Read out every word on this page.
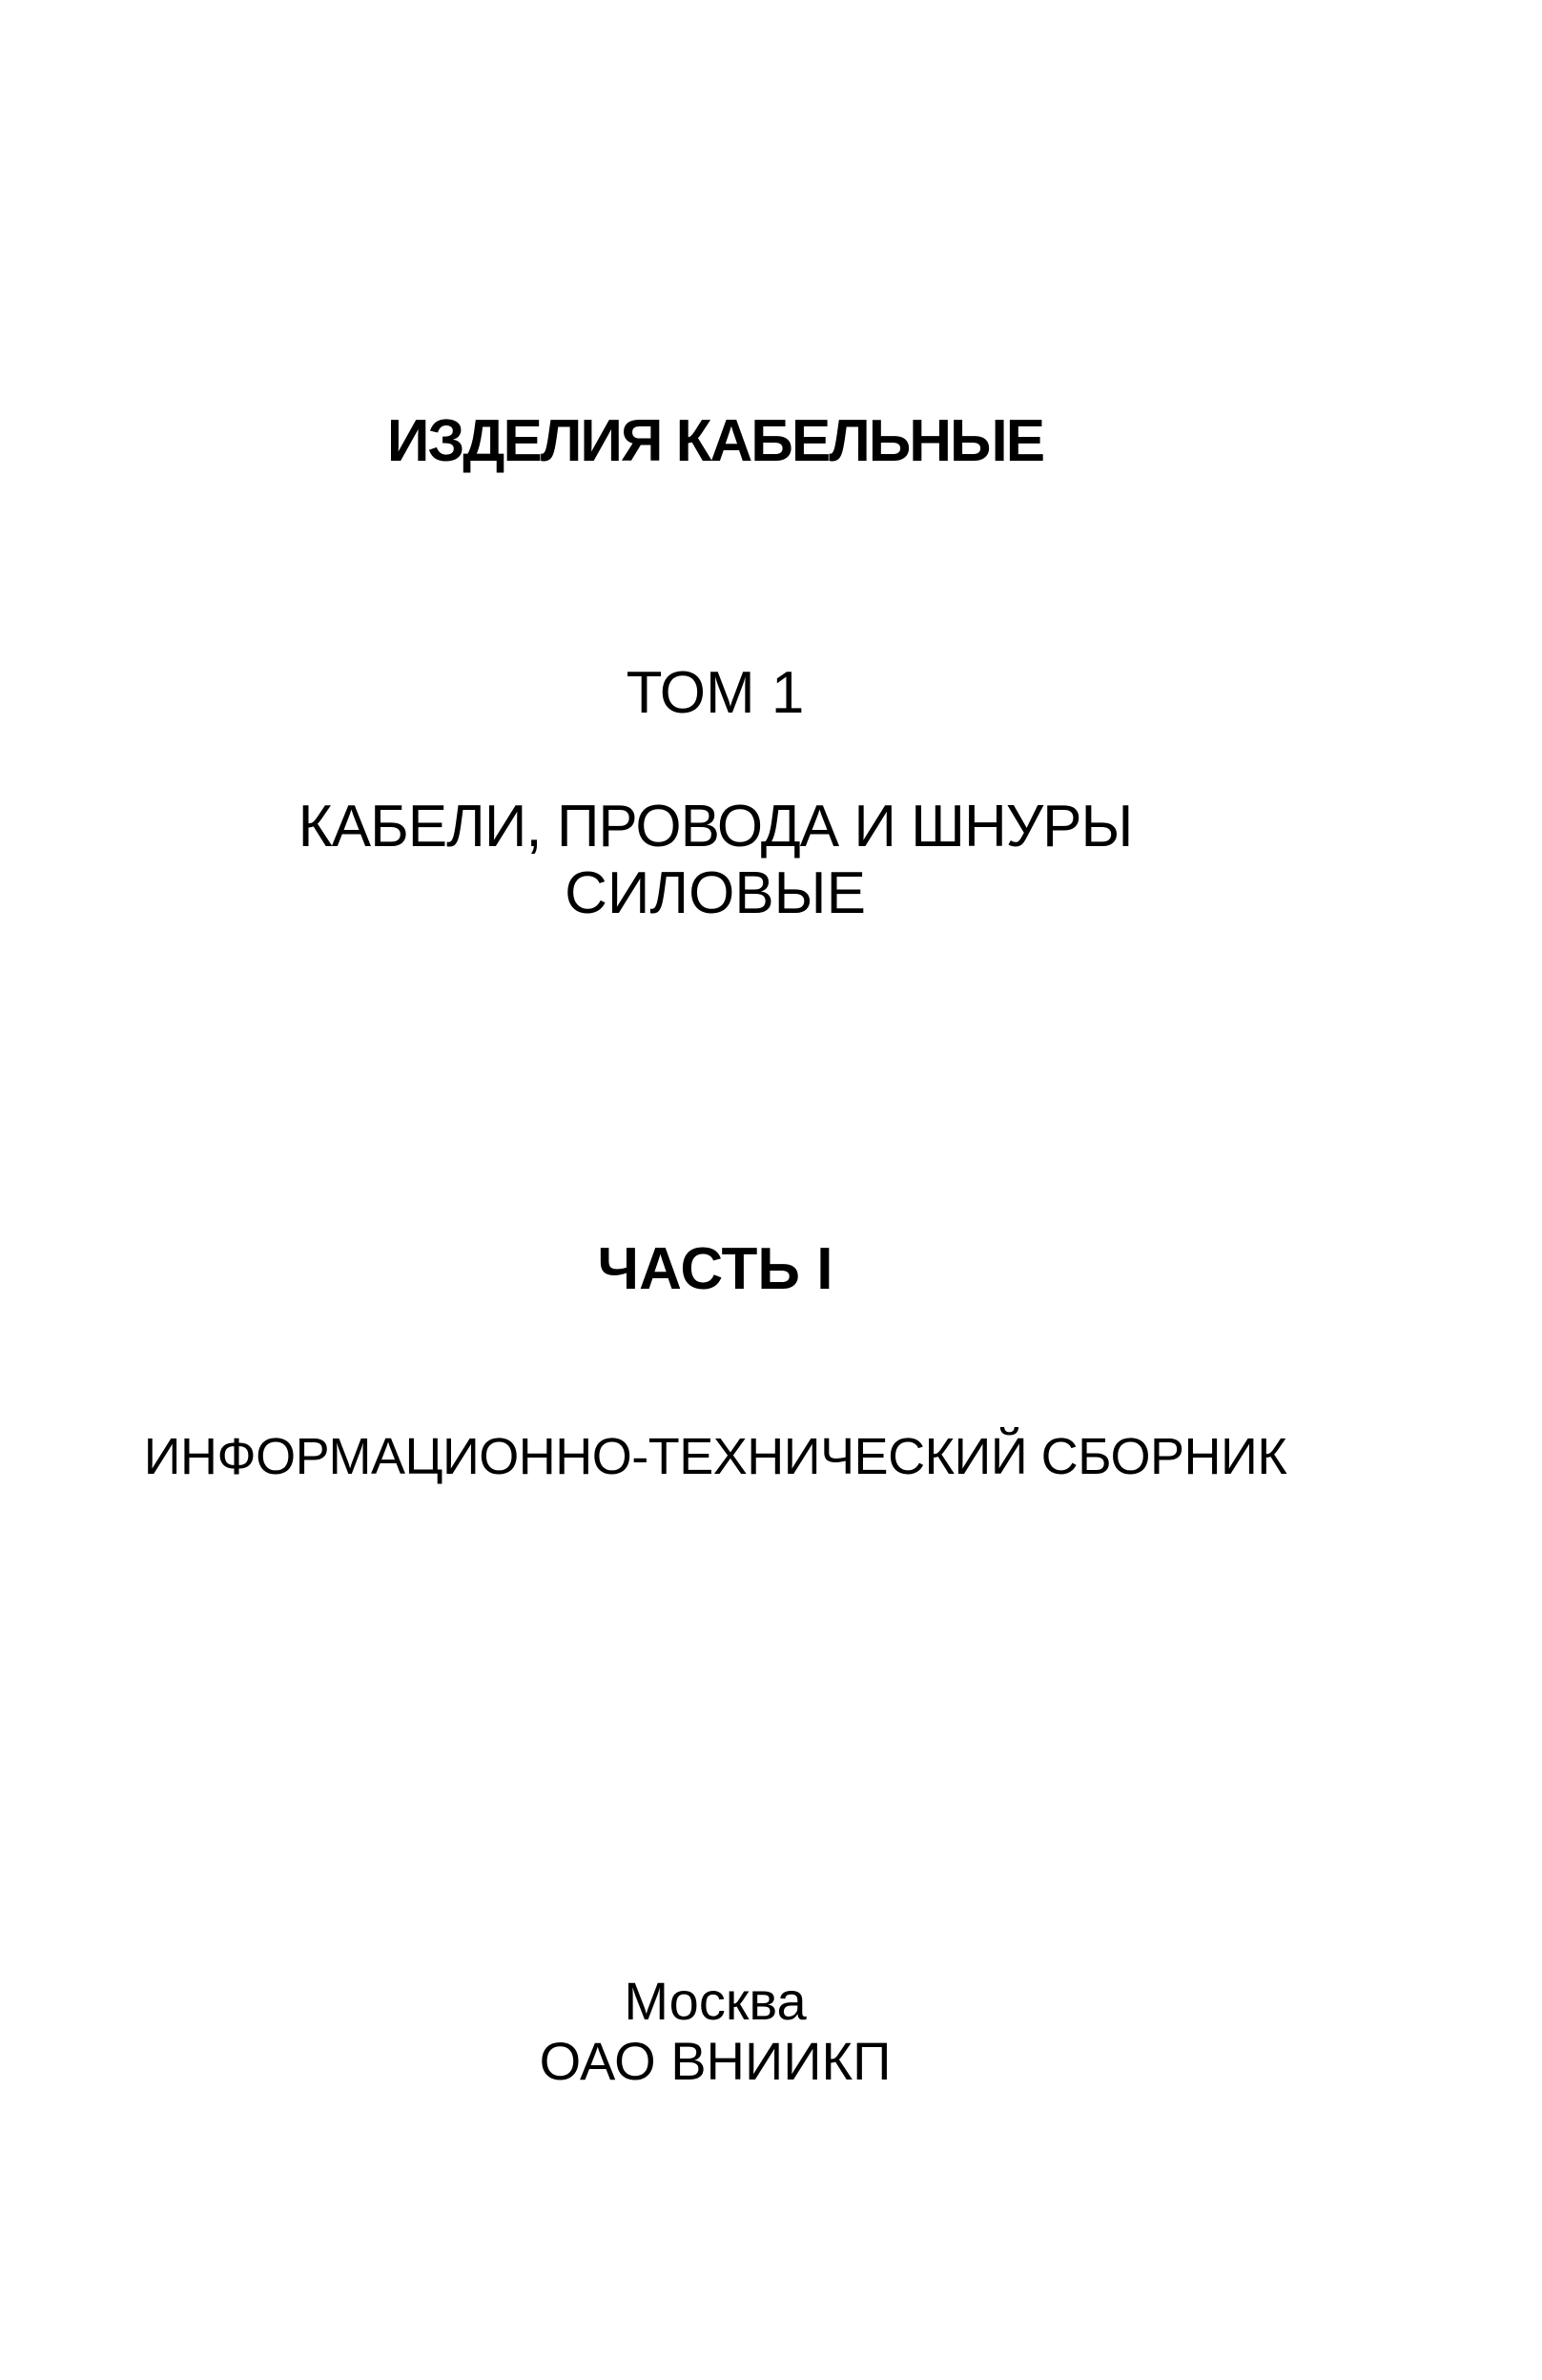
ИЗДЕЛИЯ КАБЕЛЬНЫЕ
ТОМ 1
КАБЕЛИ, ПРОВОДА И ШНУРЫ
СИЛОВЫЕ
ЧАСТЬ I
ИНФОРМАЦИОННО-ТЕХНИЧЕСКИЙ СБОРНИК
Москва
ОАО ВНИИКП
